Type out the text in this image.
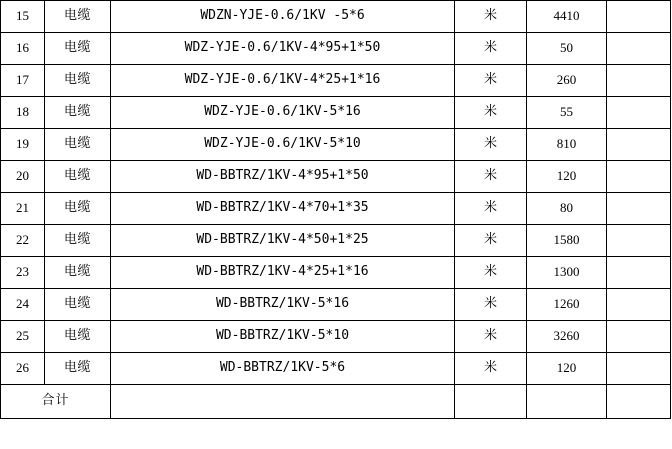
15	电缆	WDZN-YJE-0.6/1KV -5*6	米	4410	
16	电缆	WDZ-YJE-0.6/1KV-4*95+1*50	米	50	
17	电缆	WDZ-YJE-0.6/1KV-4*25+1*16	米	260	
18	电缆	WDZ-YJE-0.6/1KV-5*16	米	55	
19	电缆	WDZ-YJE-0.6/1KV-5*10	米	810	
20	电缆	WD-BBTRZ/1KV-4*95+1*50	米	120	
21	电缆	WD-BBTRZ/1KV-4*70+1*35	米	80	
22	电缆	WD-BBTRZ/1KV-4*50+1*25	米	1580	
23	电缆	WD-BBTRZ/1KV-4*25+1*16	米	1300	
24	电缆	WD-BBTRZ/1KV-5*16	米	1260	
25	电缆	WD-BBTRZ/1KV-5*10	米	3260	
26	电缆	WD-BBTRZ/1KV-5*6	米	120	
合计					
